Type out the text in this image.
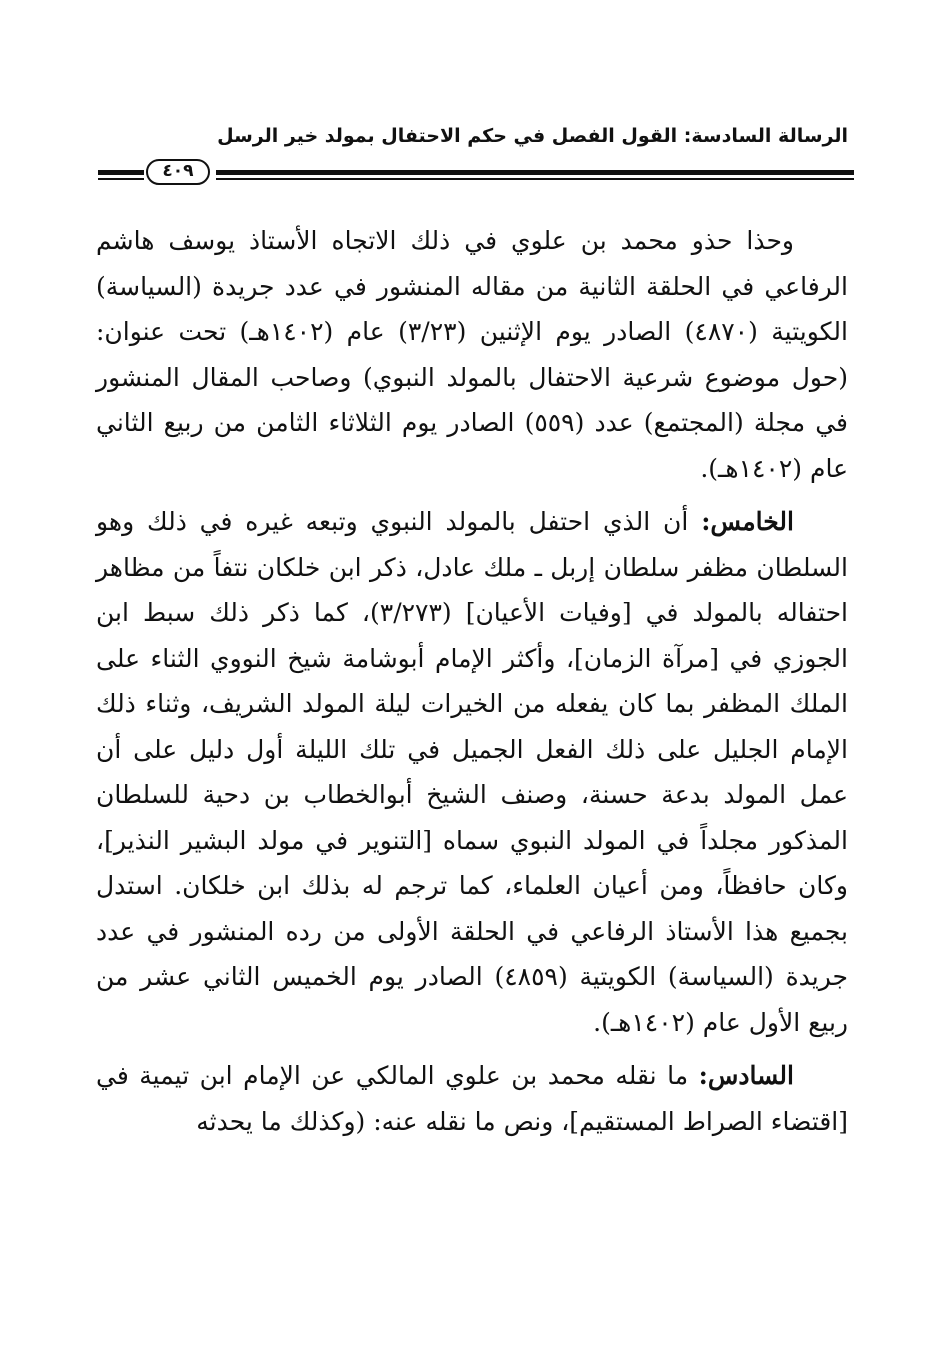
الرسالة السادسة: القول الفصل في حكم الاحتفال بمولد خير الرسل
٤٠٩

وحذا حذو محمد بن علوي في ذلك الاتجاه الأستاذ يوسف هاشم الرفاعي في الحلقة الثانية من مقاله المنشور في عدد جريدة (السياسة) الكويتية (٤٨٧٠) الصادر يوم الإثنين (٣/٢٣) عام (١٤٠٢هـ) تحت عنوان: (حول موضوع شرعية الاحتفال بالمولد النبوي) وصاحب المقال المنشور في مجلة (المجتمع) عدد (٥٥٩) الصادر يوم الثلاثاء الثامن من ربيع الثاني عام (١٤٠٢هـ).

الخامس: أن الذي احتفل بالمولد النبوي وتبعه غيره في ذلك وهو السلطان مظفر سلطان إربل ـ ملك عادل، ذكر ابن خلكان نتفاً من مظاهر احتفاله بالمولد في [وفيات الأعيان] (٣/٢٧٣)، كما ذكر ذلك سبط ابن الجوزي في [مرآة الزمان]، وأكثر الإمام أبوشامة شيخ النووي الثناء على الملك المظفر بما كان يفعله من الخيرات ليلة المولد الشريف، وثناء ذلك الإمام الجليل على ذلك الفعل الجميل في تلك الليلة أول دليل على أن عمل المولد بدعة حسنة، وصنف الشيخ أبوالخطاب بن دحية للسلطان المذكور مجلداً في المولد النبوي سماه [التنوير في مولد البشير النذير]، وكان حافظاً، ومن أعيان العلماء، كما ترجم له بذلك ابن خلكان. استدل بجميع هذا الأستاذ الرفاعي في الحلقة الأولى من رده المنشور في عدد جريدة (السياسة) الكويتية (٤٨٥٩) الصادر يوم الخميس الثاني عشر من ربيع الأول عام (١٤٠٢هـ).

السادس: ما نقله محمد بن علوي المالكي عن الإمام ابن تيمية في [اقتضاء الصراط المستقيم]، ونص ما نقله عنه: (وكذلك ما يحدثه
